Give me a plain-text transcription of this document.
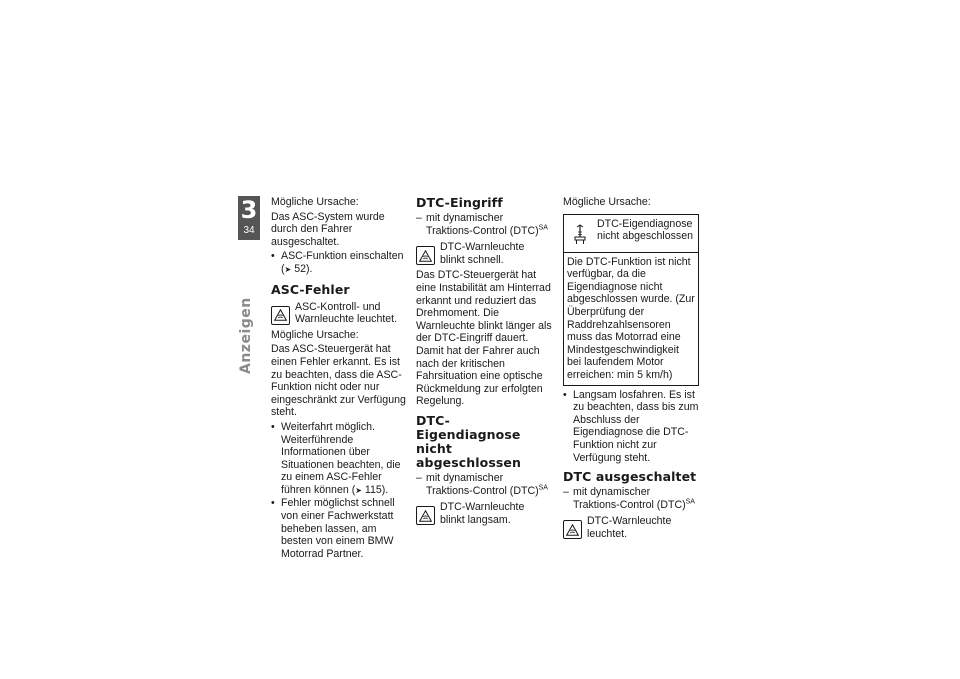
3
34
Anzeigen

Mögliche Ursache:

Das ASC-System wurde durch den Fahrer ausgeschaltet.

• ASC-Funktion einschalten
(➤ 52).
ASC-Fehler
ASC-Kontroll- und Warnleuchte leuchtet.

Mögliche Ursache:

Das ASC-Steuergerät hat einen Fehler erkannt. Es ist zu beachten, dass die ASC-Funktion nicht oder nur eingeschränkt zur Verfügung steht.

• Weiterfahrt möglich. Weiterführende Informationen über Situationen beachten, die zu einem ASC-Fehler führen können (➤ 115).
• Fehler möglichst schnell von einer Fachwerkstatt beheben lassen, am besten von einem BMW Motorrad Partner.
DTC-Eingriff
– mit dynamischer Traktions-Control (DTC)$^{SA}$
DTC-Warnleuchte blinkt schnell.

Das DTC-Steuergerät hat eine Instabilität am Hinterrad erkannt und reduziert das Drehmoment. Die Warnleuchte blinkt länger als der DTC-Eingriff dauert. Damit hat der Fahrer auch nach der kritischen Fahrsituation eine optische Rückmeldung zur erfolgten Regelung.

DTC-Eigendiagnose nicht abgeschlossen
– mit dynamischer Traktions-Control (DTC)$^{SA}$
DTC-Warnleuchte blinkt langsam.

Mögliche Ursache:

DTC-Eigendiagnose nicht abgeschlossen
Die DTC-Funktion ist nicht verfügbar, da die Eigendiagnose nicht abgeschlossen wurde. (Zur Überprüfung der Raddrehzahlsensoren muss das Motorrad eine Mindestgeschwindigkeit bei laufendem Motor erreichen: min 5 km/h)
• Langsam losfahren. Es ist zu beachten, dass bis zum Abschluss der Eigendiagnose die DTC-Funktion nicht zur Verfügung steht.
DTC ausgeschaltet
– mit dynamischer Traktions-Control (DTC)$^{SA}$
DTC-Warnleuchte leuchtet.
